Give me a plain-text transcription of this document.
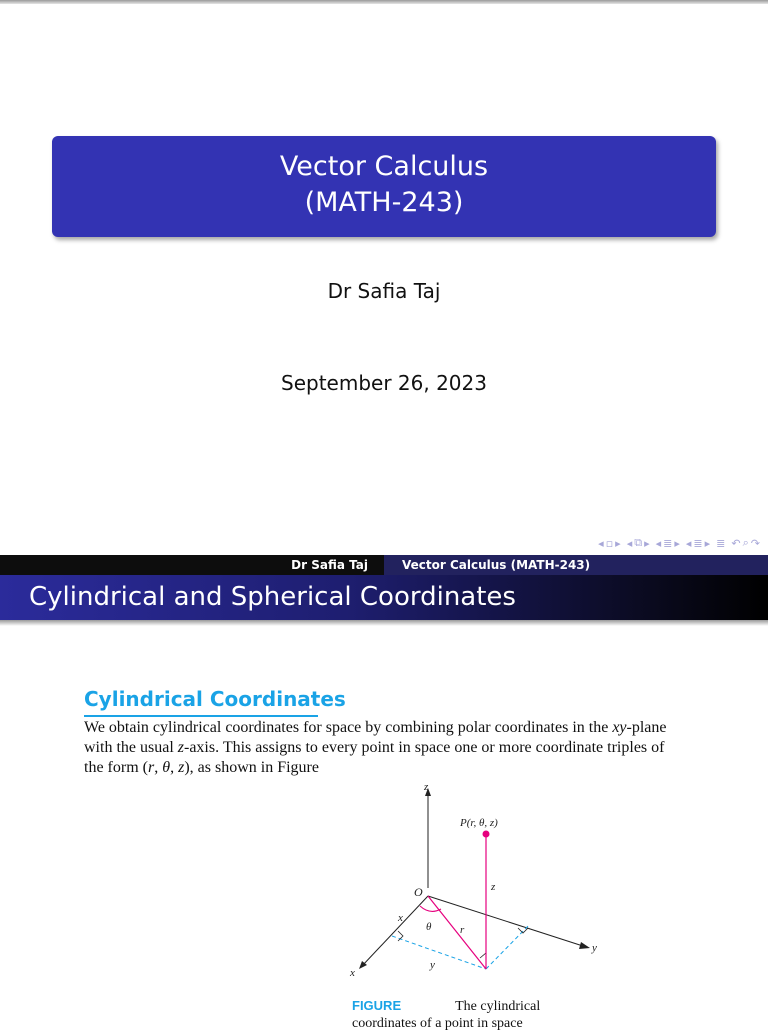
Vector Calculus
(MATH-243)
Dr Safia Taj
September 26, 2023
◂ ▫ ▸ ◂ ⧉ ▸ ◂ ≣ ▸ ◂ ≣ ▸ ≣ ↶ ⌕ ↷
Dr Safia Taj	Vector Calculus (MATH-243)
Cylindrical and Spherical Coordinates
Cylindrical Coordinates
We obtain cylindrical coordinates for space by combining polar coordinates in the xy-plane with the usual z-axis. This assigns to every point in space one or more coordinate triples of the form (r, θ, z), as shown in Figure
z
y
x
O
P(r, θ, z)
θ
x
r
z
y
FIGURE	The cylindrical
coordinates of a point in space
